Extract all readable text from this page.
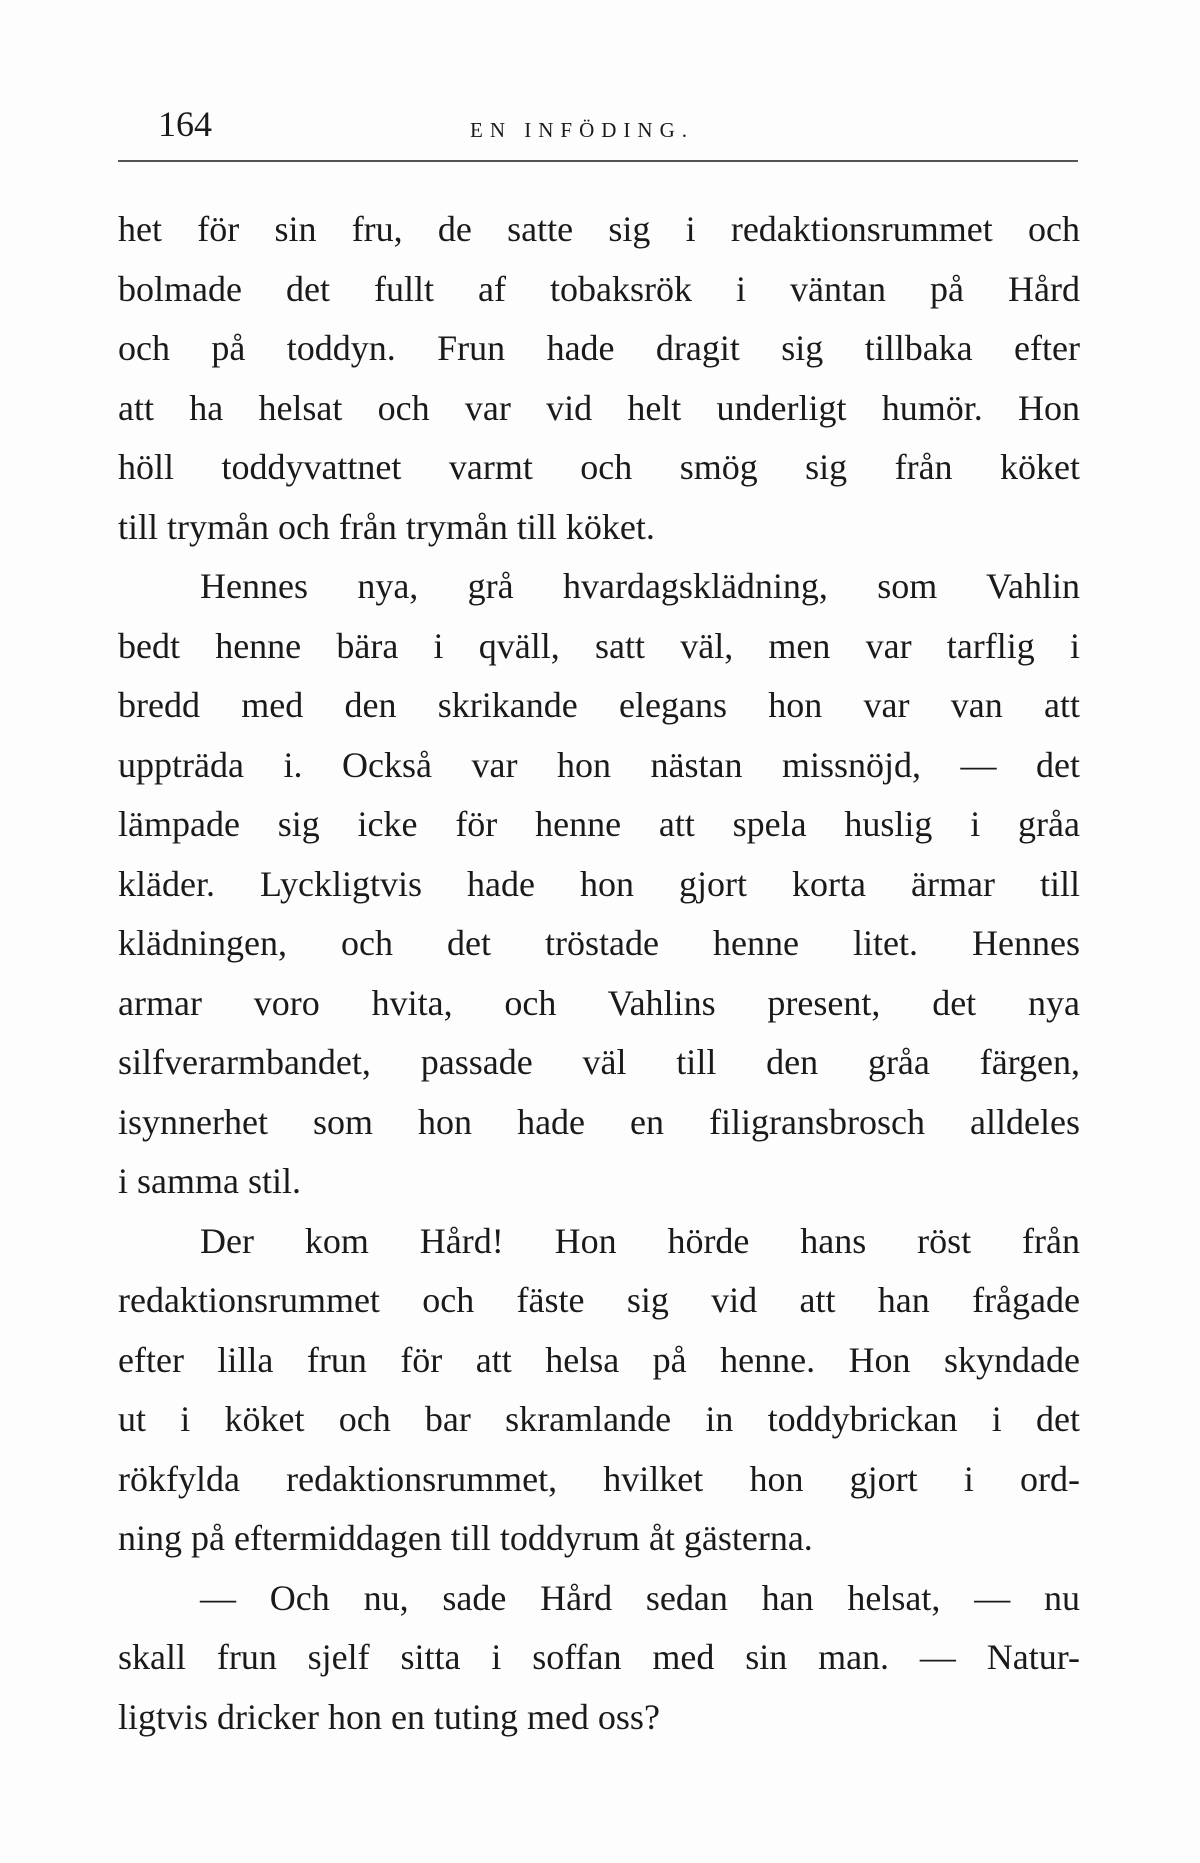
164	EN INFÖDING.
het för sin fru, de satte sig i redaktionsrummet och
bolmade det fullt af tobaksrök i väntan på Hård
och på toddyn. Frun hade dragit sig tillbaka efter
att ha helsat och var vid helt underligt humör. Hon
höll toddyvattnet varmt och smög sig från köket
till trymån och från trymån till köket.
Hennes nya, grå hvardagsklädning, som Vahlin
bedt henne bära i qväll, satt väl, men var tarflig i
bredd med den skrikande elegans hon var van att
uppträda i. Också var hon nästan missnöjd, — det
lämpade sig icke för henne att spela huslig i gråa
kläder. Lyckligtvis hade hon gjort korta ärmar till
klädningen, och det tröstade henne litet. Hennes
armar voro hvita, och Vahlins present, det nya
silfverarmbandet, passade väl till den gråa färgen,
isynnerhet som hon hade en filigransbrosch alldeles
i samma stil.
Der kom Hård! Hon hörde hans röst från
redaktionsrummet och fäste sig vid att han frågade
efter lilla frun för att helsa på henne. Hon skyndade
ut i köket och bar skramlande in toddybrickan i det
rökfylda redaktionsrummet, hvilket hon gjort i ord-
ning på eftermiddagen till toddyrum åt gästerna.
— Och nu, sade Hård sedan han helsat, — nu
skall frun sjelf sitta i soffan med sin man. — Natur-
ligtvis dricker hon en tuting med oss?
